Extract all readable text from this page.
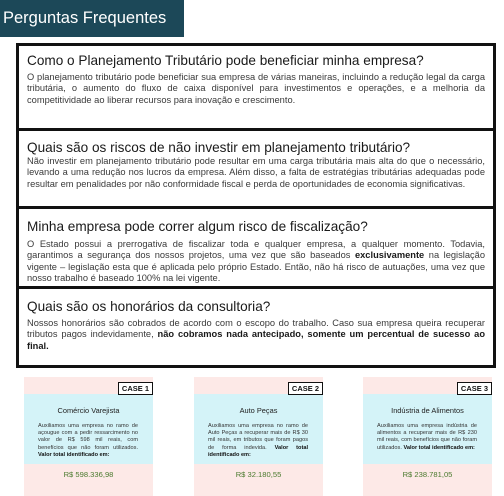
Perguntas Frequentes

Como o Planejamento Tributário pode beneficiar minha empresa?

O planejamento tributário pode beneficiar sua empresa de várias maneiras, incluindo a redução legal da carga tributária, o aumento do fluxo de caixa disponível para investimentos e operações, e a melhoria da competitividade ao liberar recursos para inovação e crescimento.

Quais são os riscos de não investir em planejamento tributário?

Não investir em planejamento tributário pode resultar em uma carga tributária mais alta do que o necessário, levando a uma redução nos lucros da empresa. Além disso, a falta de estratégias tributárias adequadas pode resultar em penalidades por não conformidade fiscal e perda de oportunidades de economia significativas.

Minha empresa pode correr algum risco de fiscalização?

O Estado possui a prerrogativa de fiscalizar toda e qualquer empresa, a qualquer momento. Todavia, garantimos a segurança dos nossos projetos, uma vez que são baseados exclusivamente na legislação vigente – legislação esta que é aplicada pelo próprio Estado. Então, não há risco de autuações, uma vez que nosso trabalho é baseado 100% na lei vigente.

Quais são os honorários da consultoria?

Nossos honorários são cobrados de acordo com o escopo do trabalho. Caso sua empresa queira recuperar tributos pagos indevidamente, não cobramos nada antecipado, somente um percentual de sucesso ao final.

CASE 1
Comércio Varejista
Auxiliamos uma empresa no ramo de açougue com a pedir ressarcimento no valor de R$ 598 mil reais, com benefícios que não foram utilizados. Valor total identificado em:
R$ 598.336,98
CASE 2
Auto Peças
Auxiliamos uma empresa no ramo de Auto Peças a recuperar mais de R$ 30 mil reais, em tributos que foram pagos de forma indevida. Valor total identificado em:
R$ 32.180,55
CASE 3
Indústria de Alimentos
Auxiliamos uma empresa indústria de alimentos a recuperar mais de R$ 230 mil reais, com benefícios que não foram utilizados. Valor total identificado em:
R$ 238.781,05
